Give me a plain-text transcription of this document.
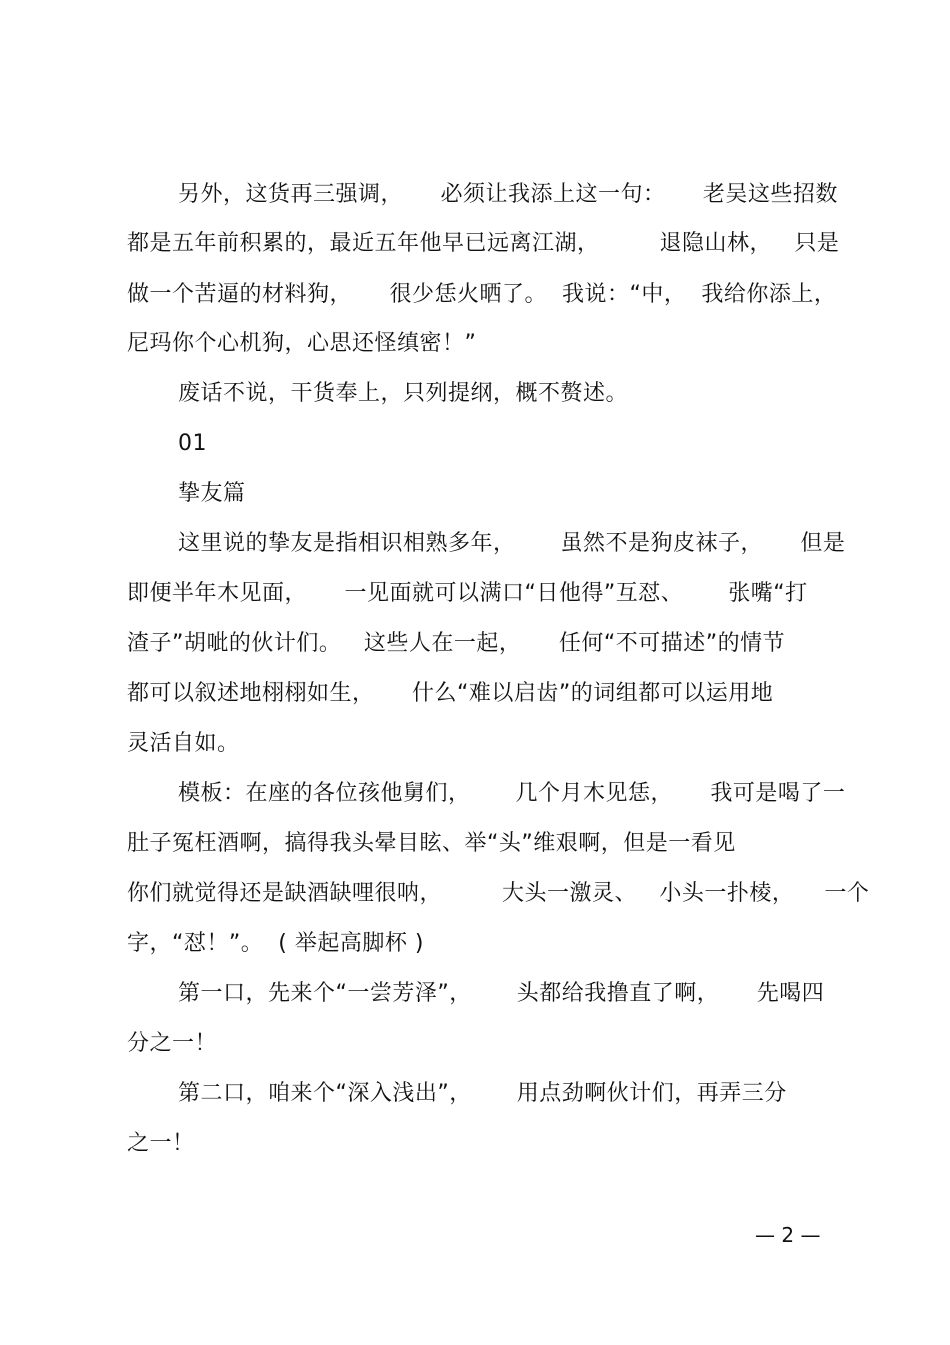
另外，这货再三强调，     必须让我添上这一句：     老吴这些招数
都是五年前积累的，最近五年他早已远离江湖，        退隐山林，   只是
做一个苦逼的材料狗，     很少恁火晒了。  我说：“中，  我给你添上，
尼玛你个心机狗，心思还怪缜密！”
废话不说，干货奉上，只列提纲，概不赘述。
01
挚友篇
这里说的挚友是指相识相熟多年，      虽然不是狗皮袜子，     但是
即便半年木见面，     一见面就可以满口“日他得”互怼、      张嘴“打
渣子”胡呲的伙计们。   这些人在一起，     任何“不可描述”的情节
都可以叙述地栩栩如生，     什么“难以启齿”的词组都可以运用地
灵活自如。
模板：在座的各位孩他舅们，      几个月木见恁，     我可是喝了一
肚子冤枉酒啊，搞得我头晕目眩、举“头”维艰啊，但是一看见
你们就觉得还是缺酒缺哩很呐，        大头一激灵、   小头一扑棱，    一个
字，“怼！”。  ( 举起高脚杯 )
第一口，先来个“一尝芳泽”，      头都给我撸直了啊，     先喝四
分之一！
第二口，咱来个“深入浅出”，      用点劲啊伙计们，再弄三分
之一！
— 2 —
